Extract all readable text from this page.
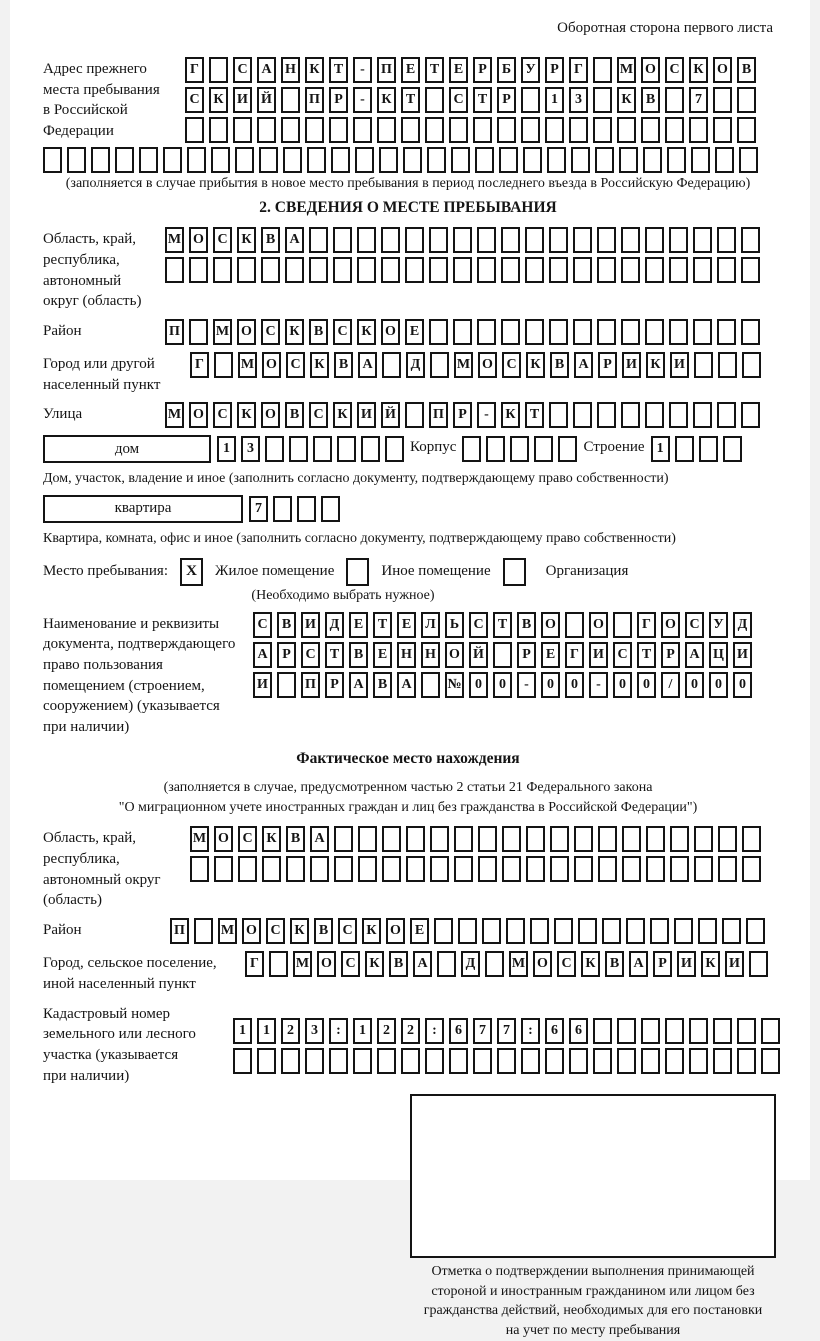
Оборотная сторона первого листа
Адрес прежнего
места пребывания
в Российской
Федерации
Г	С А Н К	Т	-	П Е	Т	Е	Р	Б	У	Р	Г	М О С К О В
С К И Й	П	Р	-	К	Т	С	Т	Р	1	3	К	В	7
(заполняется в случае прибытия в новое место пребывания в период последнего въезда в Российскую Федерацию)
2. СВЕДЕНИЯ О МЕСТЕ ПРЕБЫВАНИЯ
Область, край,
республика,
автономный
округ (область)
М О С К	В	А
Район	П	М О С К	В	С К О Е
Город или другой
населенный пункт
Г	М О С К	В	А	Д	М О С К	В	А	Р	И К И
Улица	М О С К О В	С К И Й	П	Р	-	К	Т
дом	1	3	Корпус	Строение 1
Дом, участок, владение и иное (заполнить согласно документу, подтверждающему право собственности)
квартира	7
Квартира, комната, офис и иное (заполнить согласно документу, подтверждающему право собственности)
Место пребывания:	X	Жилое помещение	Иное помещение	Организация
(Необходимо выбрать нужное)
Наименование и реквизиты
документа, подтверждающего
право пользования
помещением (строением,
сооружением) (указывается
при наличии)
С	В И Д	Е	Т	Е	Л	Ь	С	Т	В О	О	Г	О С У	Д
А	Р	С	Т	В	Е Н Н О Й	Р	Е	Г	И С	Т	Р	А Ц И
И	П	Р	А	В	А	№ 0	0	-	0	0	-	0	0	/	0	0	0
Фактическое место нахождения
(заполняется в случае, предусмотренном частью 2 статьи 21 Федерального закона
"О миграционном учете иностранных граждан и лиц без гражданства в Российской Федерации")
Область, край,
республика,
автономный округ
(область)
М О С К	В	А
Район	П	М О С К	В	С К О Е
Город, сельское поселение,
иной населенный пункт
Г	М О С К	В	А	Д	М О С К	В	А	Р	И К И
Кадастровый номер
земельного или лесного
участка (указывается
при наличии)
1	1	2	3	:	1	2	2	:	6	7	7	:	6	6
Отметка о подтверждении выполнения принимающей
стороной и иностранным гражданином или лицом без
гражданства действий, необходимых для его постановки
на учет по месту пребывания
